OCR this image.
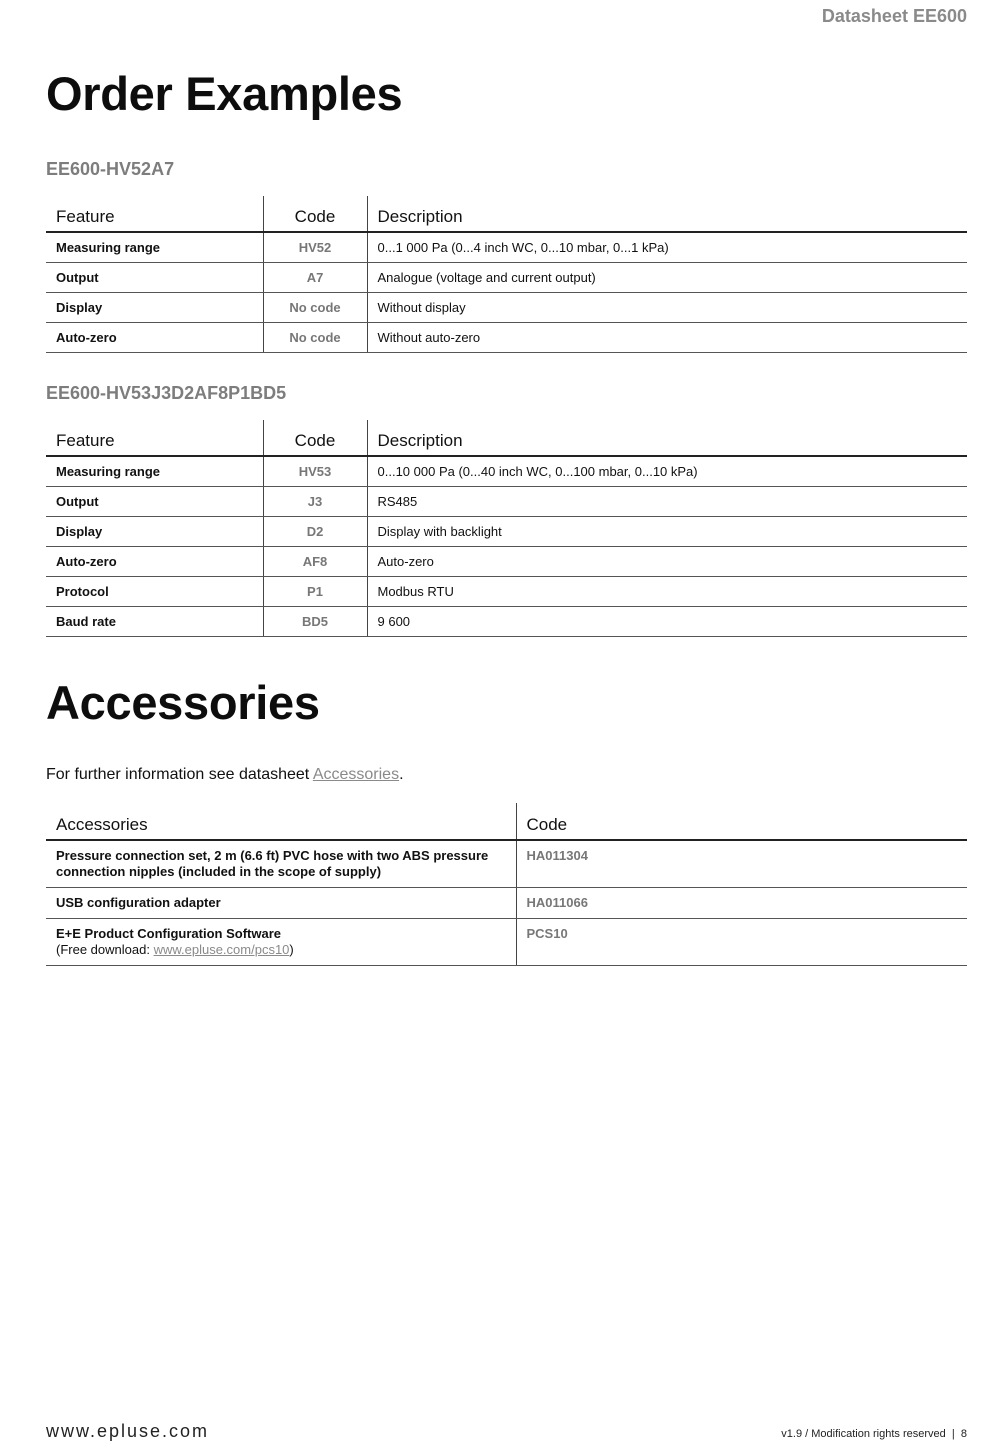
Datasheet EE600
Order Examples
EE600-HV52A7
Feature	Code	Description
Measuring range	HV52	0...1 000 Pa (0...4 inch WC, 0...10 mbar, 0...1 kPa)
Output	A7	Analogue (voltage and current output)
Display	No code	Without display
Auto-zero	No code	Without auto-zero
EE600-HV53J3D2AF8P1BD5
Feature	Code	Description
Measuring range	HV53	0...10 000 Pa (0...40 inch WC, 0...100 mbar, 0...10 kPa)
Output	J3	RS485
Display	D2	Display with backlight
Auto-zero	AF8	Auto-zero
Protocol	P1	Modbus RTU
Baud rate	BD5	9 600
Accessories
For further information see datasheet Accessories.
Accessories	Code
Pressure connection set, 2 m (6.6 ft) PVC hose with two ABS pressure connection nipples (included in the scope of supply)	HA011304
USB configuration adapter	HA011066

E+E Product Configuration Software
(Free download: www.epluse.com/pcs10)	PCS10
www.epluse.com	v1.9 / Modification rights reserved | 8
